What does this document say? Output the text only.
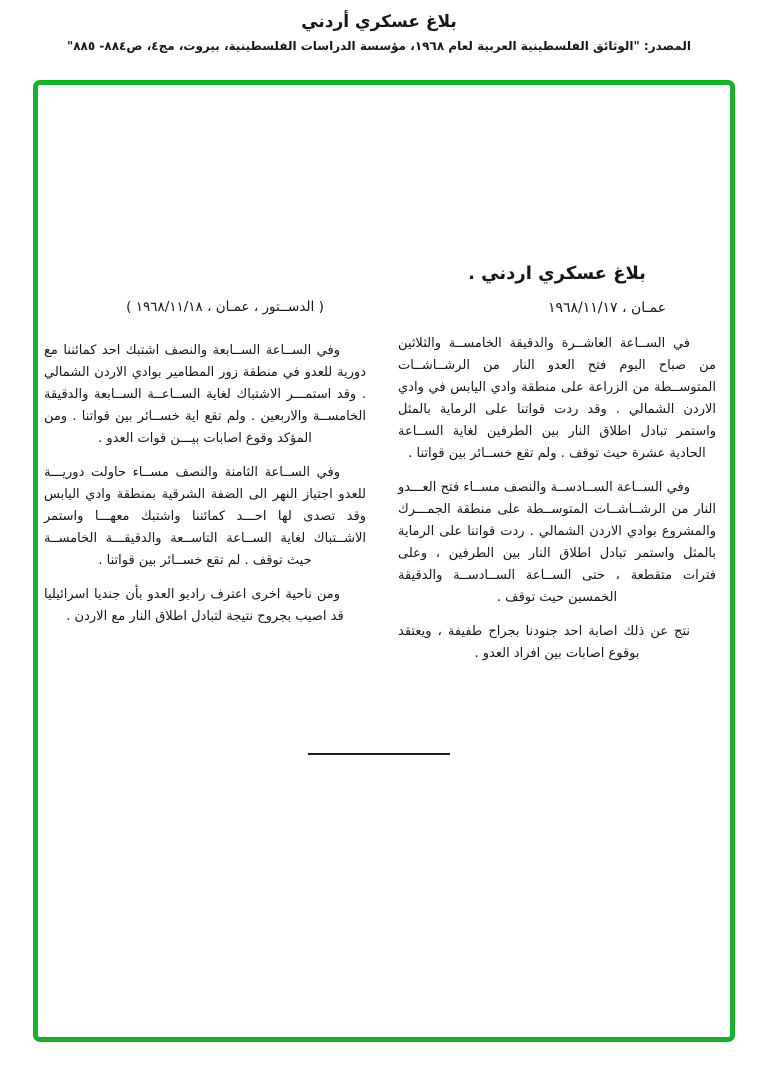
بلاغ عسكري أردني
المصدر: "الوثائق الفلسطينية العربية لعام ١٩٦٨، مؤسسة الدراسات الفلسطينية، بيروت، مج٤، ص٨٨٤- ٨٨٥"
بلاغ عسكري اردني .
عمـان ، ١٩٦٨/١١/١٧

في الســاعة العاشــرة والدقيقة الخامســة والثلاثين من صباح اليوم فتح العدو النار من الرشــاشــات المتوســطة من الزراعة على منطقة وادي اليابس في وادي الاردن الشمالي . وقد ردت قواتنا على الرماية بالمثل واستمر تبادل اطلاق النار بين الطرفين لغاية الســاعة الحادية عشرة حيث توقف . ولم تقع خســائر بين قواتنا .

وفي الســاعة الســادســة والنصف مســاء فتح العـــدو النار من الرشــاشــات المتوســطة على منطقة الجمـــرك والمشروع بوادي الاردن الشمالي . ردت قواتنا على الرماية بالمثل واستمر تبادل اطلاق النار بين الطرفين ، وعلى فترات متقطعة ، حتى الســاعة الســادســة والدقيقة الخمسين حيث توقف .

نتج عن ذلك اصابة احد جنودنا بجراح طفيفة ، ويعتقد بوقوع اصابات بين افراد العدو .

( الدســتور ، عمـان ، ١٩٦٨/١١/١٨ )

وفي الســاعة الســابعة والنصف اشتبك احد كمائننا مع دورية للعدو في منطقة زور المطامير بوادي الاردن الشمالي . وقد استمـــر الاشتباك لغاية الســاعــة الســابعة والدقيقة الخامســة والاربعين . ولم تقع اية خســائر بين قواتنا . ومن المؤكد وقوع اصابات بيـــن قوات العدو .

وفي الســاعة الثامنة والنصف مســاء حاولت دوريـــة للعدو اجتياز النهر الى الضفة الشرقية بمنطقة وادي اليابس وقد تصدى لها احـــد كمائننا واشتبك معهـــا واستمر الاشــتباك لغاية الســاعة التاســعة والدقيقـــة الخامســة حيث توقف . لم تقع خســائر بين قواتنا .

ومن ناحية اخرى اعترف راديو العدو بأن جنديا اسرائيليا قد اصيب بجروح نتيجة لتبادل اطلاق النار مع الاردن .
